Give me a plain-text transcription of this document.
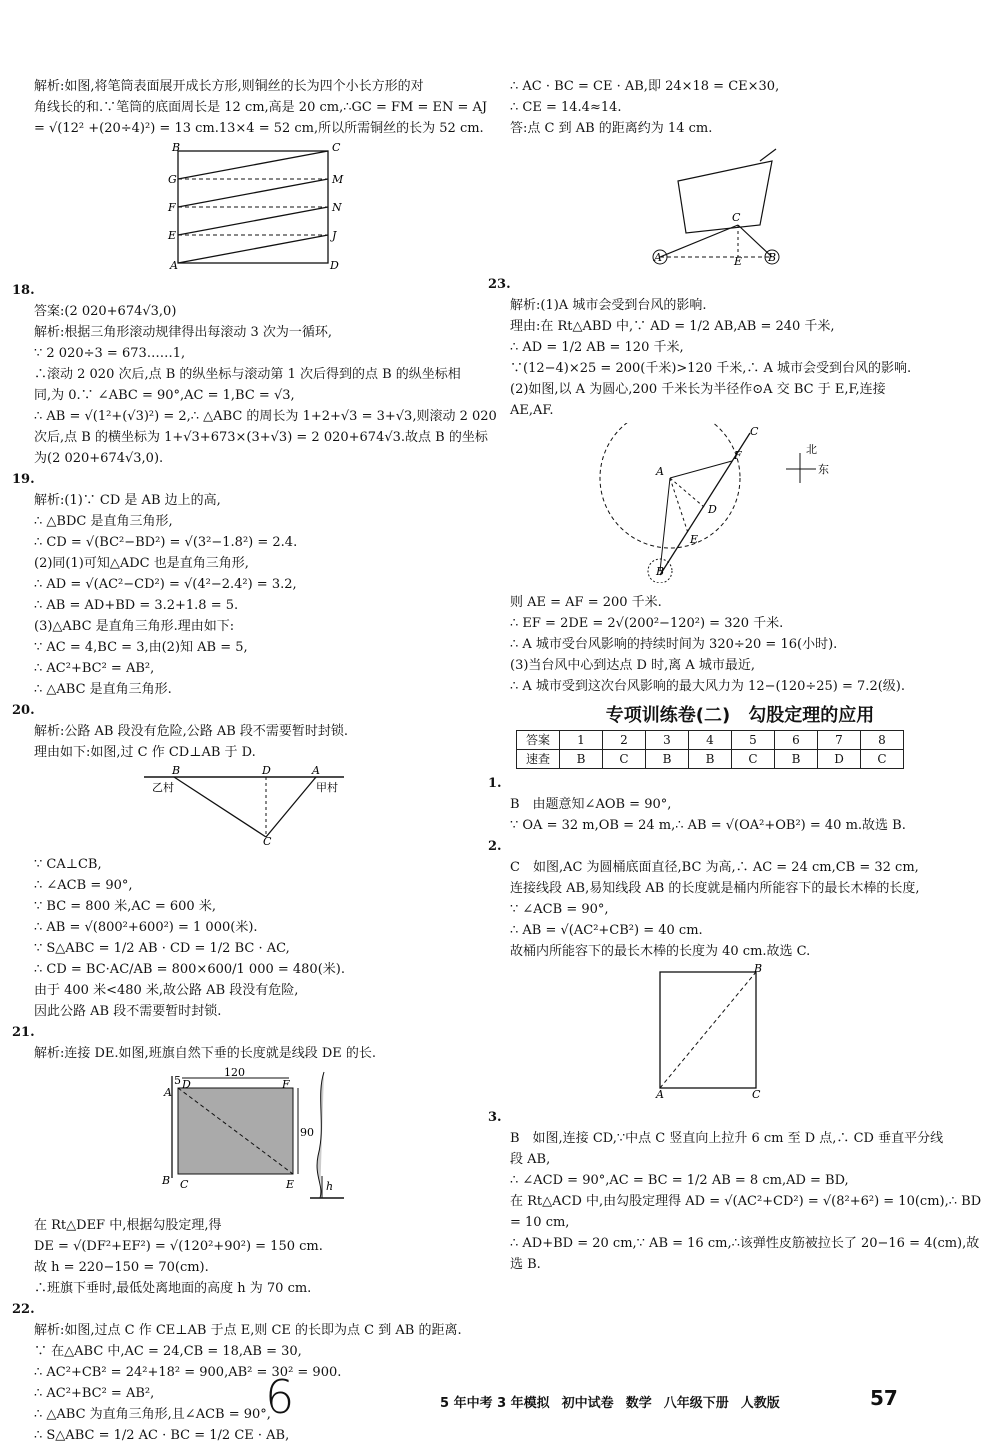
解析:如图,将笔筒表面展开成长方形,则铜丝的长为四个小长方形的对

角线长的和.∵笔筒的底面周长是 12 cm,高是 20 cm,∴GC = FM = EN = AJ

= √(12² +(20÷4)²) = 13 cm.13×4 = 52 cm,所以所需铜丝的长为 52 cm.

B	C
G	M
F	N
E	J
A	D
18.

答案:(2 020+674√3,0)

解析:根据三角形滚动规律得出每滚动 3 次为一循环,

∵ 2 020÷3 = 673……1,

∴滚动 2 020 次后,点 B 的纵坐标与滚动第 1 次后得到的点 B 的纵坐标相

同,为 0.∵ ∠ABC = 90°,AC = 1,BC = √3,

∴ AB = √(1²+(√3)²) = 2,∴ △ABC 的周长为 1+2+√3 = 3+√3,则滚动 2 020

次后,点 B 的横坐标为 1+√3+673×(3+√3) = 2 020+674√3.故点 B 的坐标

为(2 020+674√3,0).

19.

解析:(1)∵ CD 是 AB 边上的高,

∴ △BDC 是直角三角形,

∴ CD = √(BC²−BD²) = √(3²−1.8²) = 2.4.

(2)同(1)可知△ADC 也是直角三角形,

∴ AD = √(AC²−CD²) = √(4²−2.4²) = 3.2,

∴ AB = AD+BD = 3.2+1.8 = 5.

(3)△ABC 是直角三角形.理由如下:

∵ AC = 4,BC = 3,由(2)知 AB = 5,

∴ AC²+BC² = AB²,

∴ △ABC 是直角三角形.

20.

解析:公路 AB 段没有危险,公路 AB 段不需要暂时封锁.

理由如下:如图,过 C 作 CD⊥AB 于 D.

B	D	A
乙村	甲村
C

∵ CA⊥CB,

∴ ∠ACB = 90°,

∵ BC = 800 米,AC = 600 米,

∴ AB = √(800²+600²) = 1 000(米).

∵ S△ABC = 1/2 AB · CD = 1/2 BC · AC,

∴ CD = BC·AC/AB = 800×600/1 000 = 480(米).

由于 400 米<480 米,故公路 AB 段没有危险,

因此公路 AB 段不需要暂时封锁.

21.

解析:连接 DE.如图,班旗自然下垂的长度就是线段 DE 的长.

5 D
120
F
A
90
B C	E	h

在 Rt△DEF 中,根据勾股定理,得

DE = √(DF²+EF²) = √(120²+90²) = 150 cm.

故 h = 220−150 = 70(cm).

∴班旗下垂时,最低处离地面的高度 h 为 70 cm.

22.

解析:如图,过点 C 作 CE⊥AB 于点 E,则 CE 的长即为点 C 到 AB 的距离.

∵ 在△ABC 中,AC = 24,CB = 18,AB = 30,

∴ AC²+CB² = 24²+18² = 900,AB² = 30² = 900.

∴ AC²+BC² = AB²,

∴ △ABC 为直角三角形,且∠ACB = 90°,

∴ S△ABC = 1/2 AC · BC = 1/2 CE · AB,

∴ AC · BC = CE · AB,即 24×18 = CE×30,

∴ CE = 14.4≈14.

答:点 C 到 AB 的距离约为 14 cm.

C
A	E B
23.

解析:(1)A 城市会受到台风的影响.

理由:在 Rt△ABD 中,∵ AD = 1/2 AB,AB = 240 千米,

∴ AD = 1/2 AB = 120 千米,

∵(12−4)×25 = 200(千米)>120 千米,∴ A 城市会受到台风的影响.

(2)如图,以 A 为圆心,200 千米长为半径作⊙A 交 BC 于 E,F,连接

AE,AF.

C
F
A
D
E
B
北
东

则 AE = AF = 200 千米.

∴ EF = 2DE = 2√(200²−120²) = 320 千米.

∴ A 城市受台风影响的持续时间为 320÷20 = 16(小时).

(3)当台风中心到达点 D 时,离 A 城市最近,

∴ A 城市受到这次台风影响的最大风力为 12−(120÷25) = 7.2(级).

专项训练卷(二)　勾股定理的应用
答案	1	2	3	4	5	6	7	8
速查	B	C	B	B	C	B	D	C
1.

B　由题意知∠AOB = 90°,

∵ OA = 32 m,OB = 24 m,∴ AB = √(OA²+OB²) = 40 m.故选 B.

2.

C　如图,AC 为圆桶底面直径,BC 为高,∴ AC = 24 cm,CB = 32 cm,

连接线段 AB,易知线段 AB 的长度就是桶内所能容下的最长木棒的长度,

∵ ∠ACB = 90°,

∴ AB = √(AC²+CB²) = 40 cm.

故桶内所能容下的最长木棒的长度为 40 cm.故选 C.

B
A	C
3.

B　如图,连接 CD,∵中点 C 竖直向上拉升 6 cm 至 D 点,∴ CD 垂直平分线

段 AB,

∴ ∠ACD = 90°,AC = BC = 1/2 AB = 8 cm,AD = BD,

在 Rt△ACD 中,由勾股定理得 AD = √(AC²+CD²) = √(8²+6²) = 10(cm),∴ BD

= 10 cm,

∴ AD+BD = 20 cm,∵ AB = 16 cm,∴该弹性皮筋被拉长了 20−16 = 4(cm),故

选 B.

6	5 年中考 3 年模拟 初中试卷 数学 八年级下册 人教版	57
